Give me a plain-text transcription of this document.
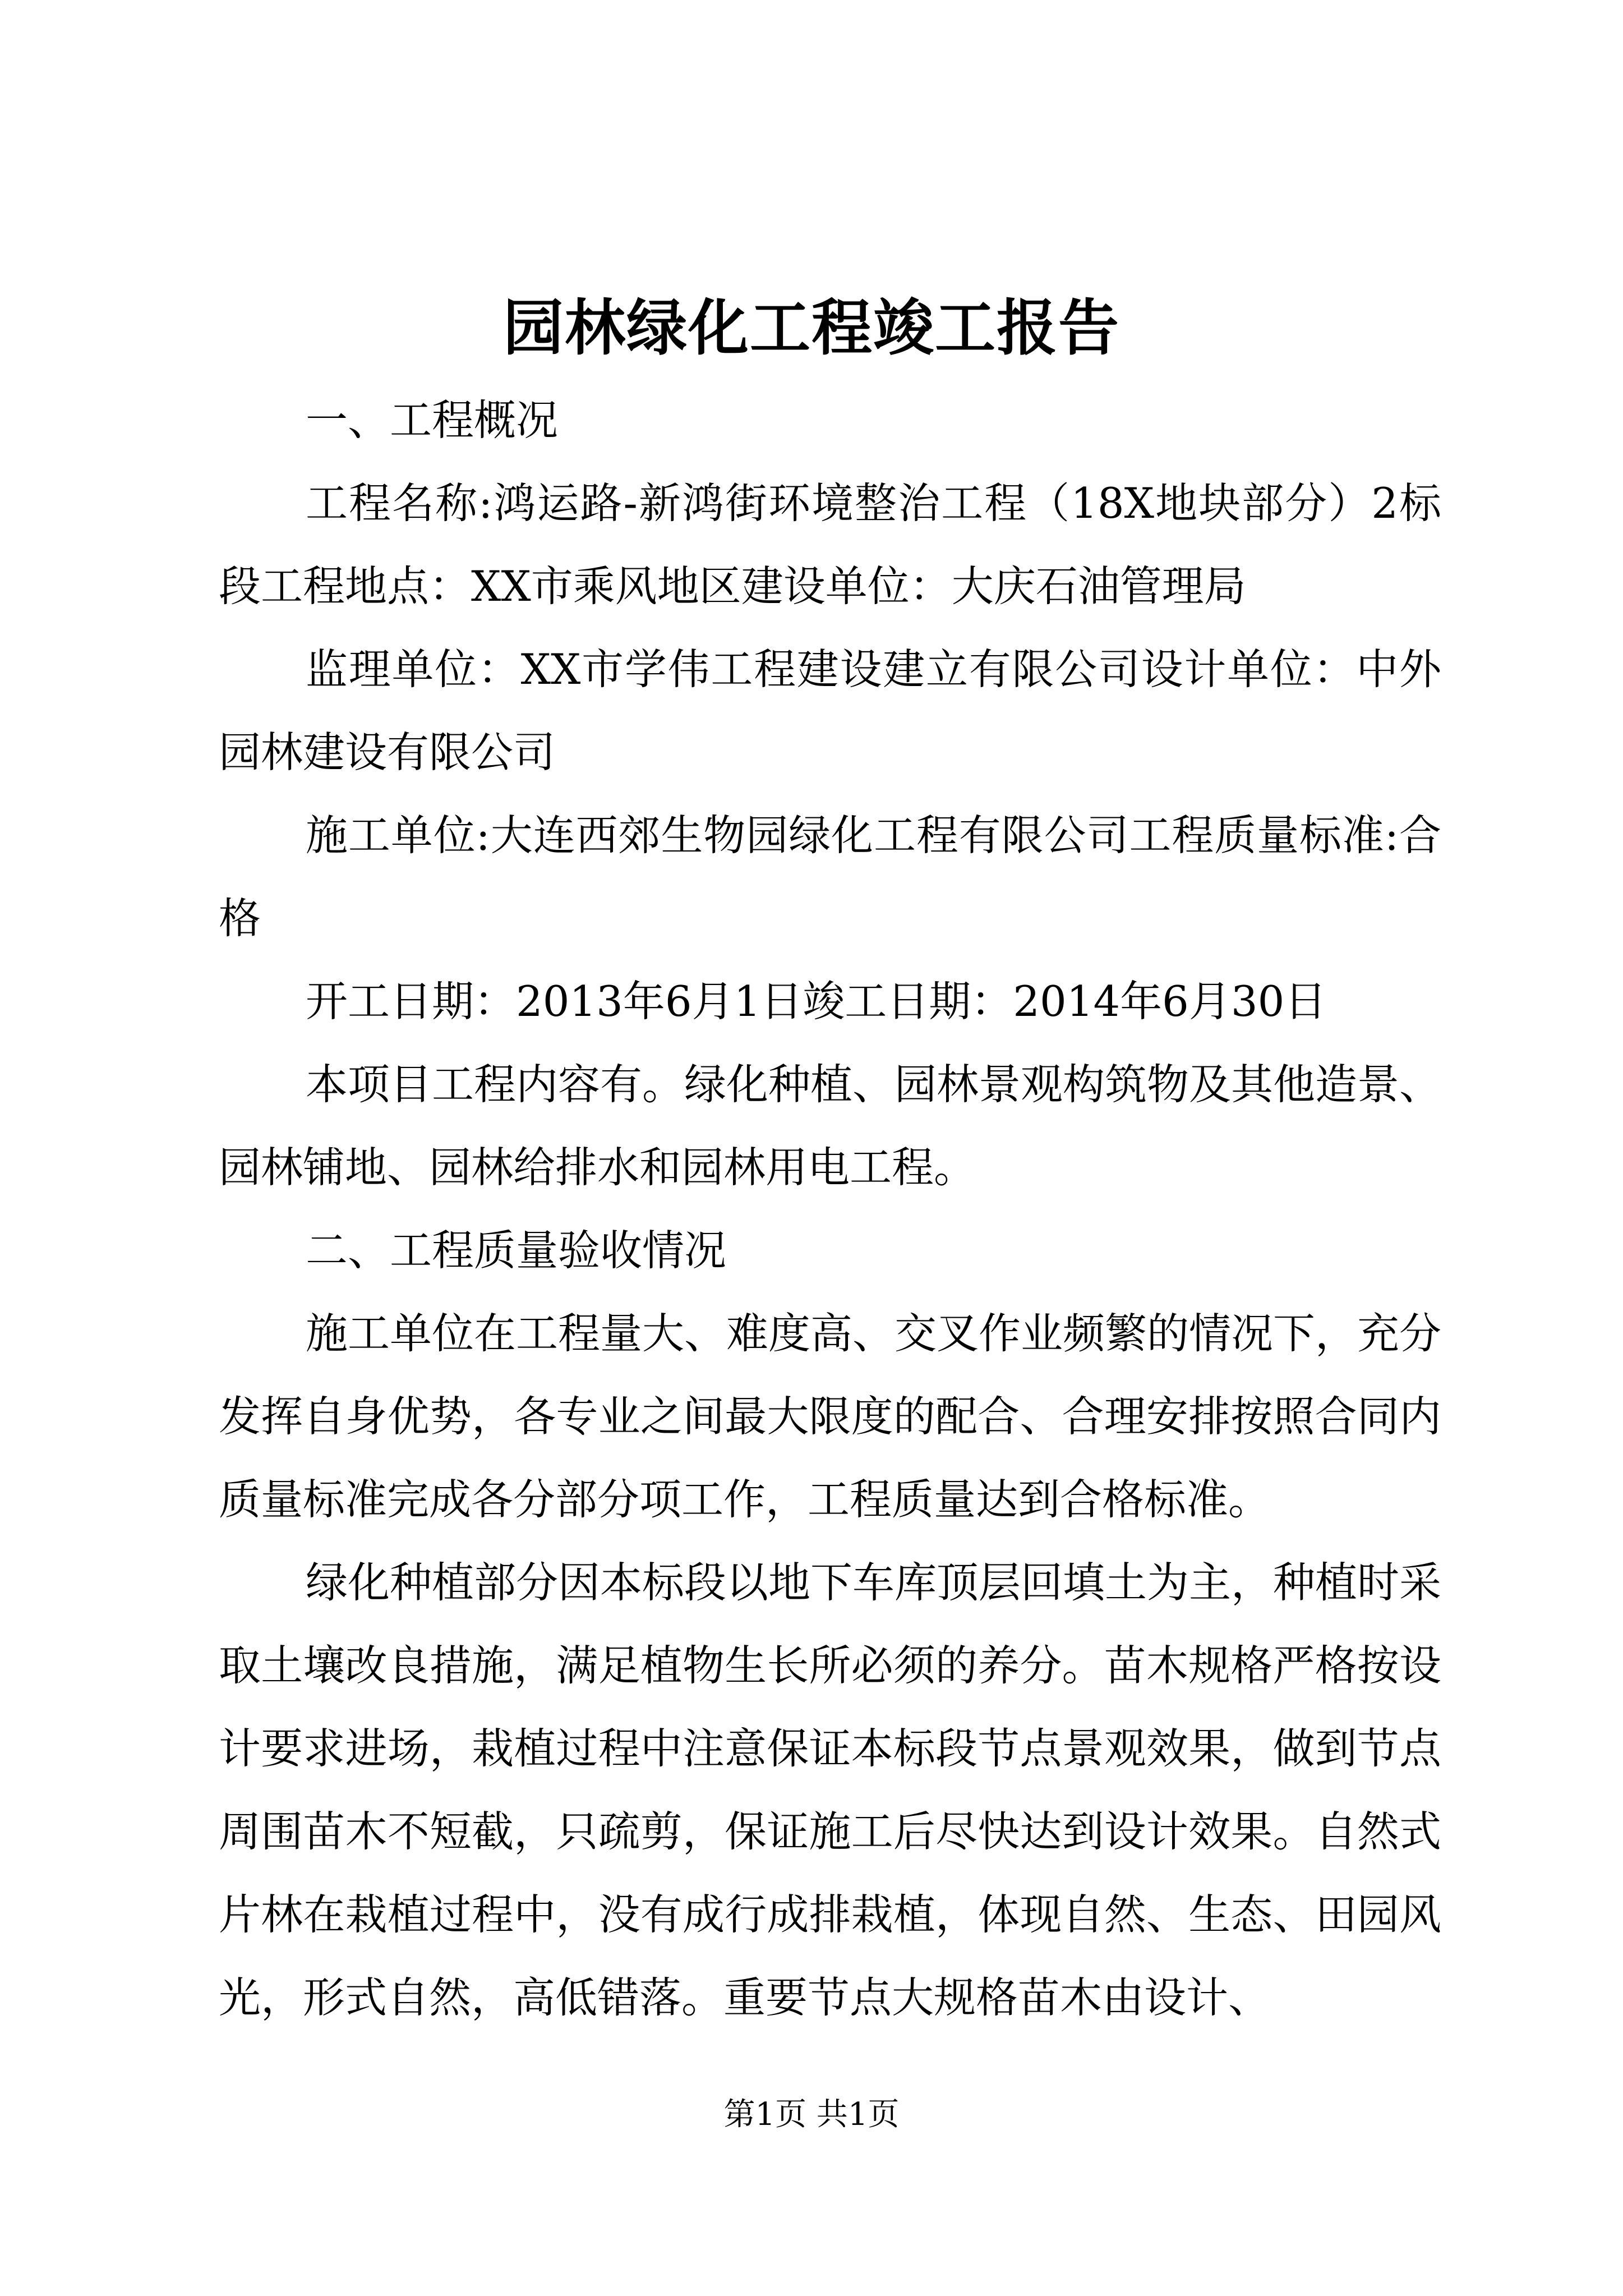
园林绿化工程竣工报告

一、工程概况

工程名称:鸿运路-新鸿街环境整治工程（18X地块部分）2标段工程地点：XX市乘风地区建设单位：大庆石油管理局

监理单位：XX市学伟工程建设建立有限公司设计单位：中外园林建设有限公司

施工单位:大连西郊生物园绿化工程有限公司工程质量标准:合格

开工日期：2013年6月1日竣工日期：2014年6月30日

本项目工程内容有。绿化种植、园林景观构筑物及其他造景、园林铺地、园林给排水和园林用电工程。

二、工程质量验收情况

施工单位在工程量大、难度高、交叉作业频繁的情况下，充分发挥自身优势，各专业之间最大限度的配合、合理安排按照合同内质量标准完成各分部分项工作，工程质量达到合格标准。

绿化种植部分因本标段以地下车库顶层回填土为主，种植时采取土壤改良措施，满足植物生长所必须的养分。苗木规格严格按设计要求进场，栽植过程中注意保证本标段节点景观效果，做到节点周围苗木不短截，只疏剪，保证施工后尽快达到设计效果。自然式片林在栽植过程中，没有成行成排栽植，体现自然、生态、田园风光，形式自然，高低错落。重要节点大规格苗木由设计、

第1页 共1页
